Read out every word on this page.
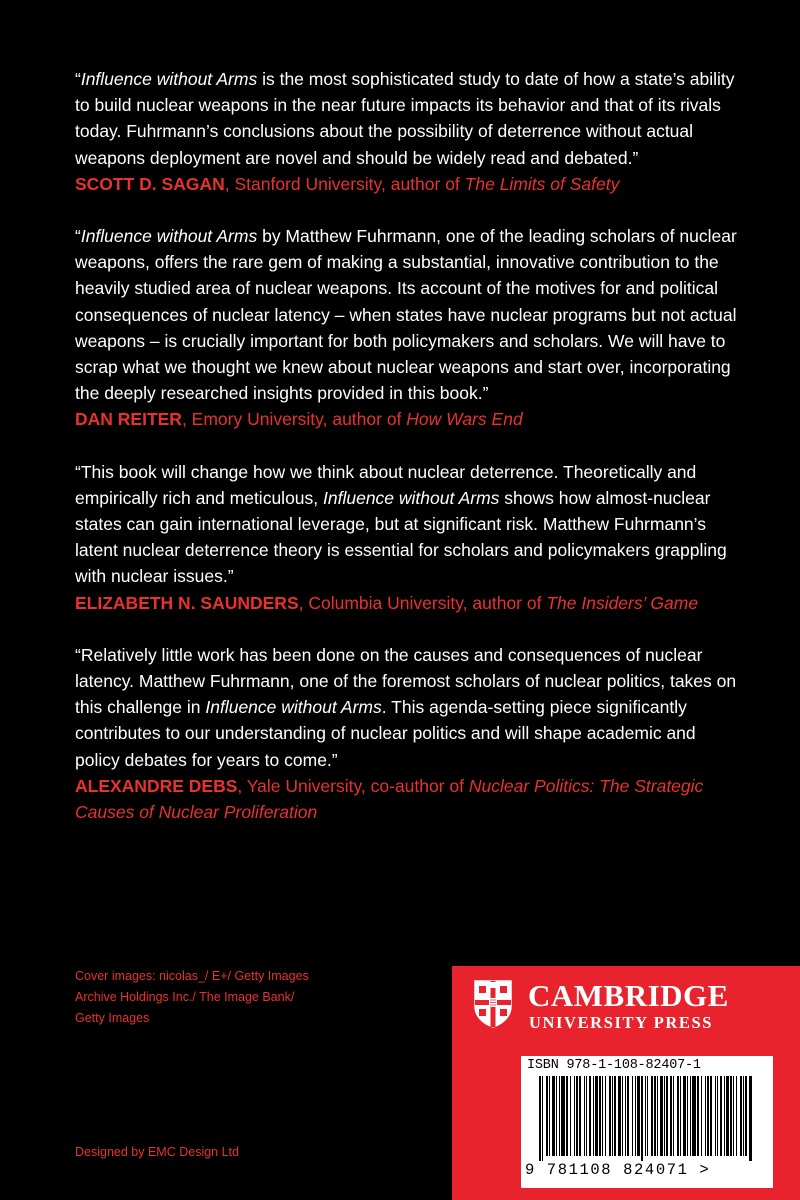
“Influence without Arms is the most sophisticated study to date of how a state’s ability to build nuclear weapons in the near future impacts its behavior and that of its rivals today. Fuhrmann’s conclusions about the possibility of deterrence without actual weapons deployment are novel and should be widely read and debated.”

SCOTT D. SAGAN, Stanford University, author of The Limits of Safety

“Influence without Arms by Matthew Fuhrmann, one of the leading scholars of nuclear weapons, offers the rare gem of making a substantial, innovative contribution to the heavily studied area of nuclear weapons. Its account of the motives for and political consequences of nuclear latency – when states have nuclear programs but not actual weapons – is crucially important for both policymakers and scholars. We will have to scrap what we thought we knew about nuclear weapons and start over, incorporating the deeply researched insights provided in this book.”

DAN REITER, Emory University, author of How Wars End

“This book will change how we think about nuclear deterrence. Theoretically and empirically rich and meticulous, Influence without Arms shows how almost-nuclear states can gain international leverage, but at significant risk. Matthew Fuhrmann’s latent nuclear deterrence theory is essential for scholars and policymakers grappling with nuclear issues.”

ELIZABETH N. SAUNDERS, Columbia University, author of The Insiders’ Game

“Relatively little work has been done on the causes and consequences of nuclear latency. Matthew Fuhrmann, one of the foremost scholars of nuclear politics, takes on this challenge in Influence without Arms. This agenda-setting piece significantly contributes to our understanding of nuclear politics and will shape academic and policy debates for years to come.”

ALEXANDRE DEBS, Yale University, co-author of Nuclear Politics: The Strategic Causes of Nuclear Proliferation

Cover images: nicolas_/ E+/ Getty Images
Archive Holdings Inc./ The Image Bank/
Getty Images
Designed by EMC Design Ltd
CAMBRIDGE
UNIVERSITY PRESS
ISBN 978-1-108-82407-1
9 781108 824071 >
